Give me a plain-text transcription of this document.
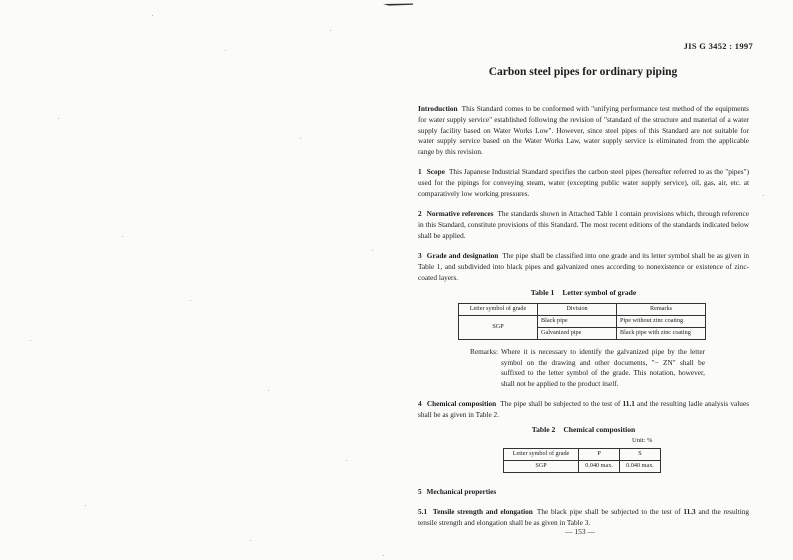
JIS G 3452 : 1997
Carbon steel pipes for ordinary piping

Introduction This Standard comes to be conformed with "unifying performance test method of the equipments for water supply service" established following the revision of "standard of the structure and material of a water supply facility based on Water Works Low". However, since steel pipes of this Standard are not suitable for water supply service based on the Water Works Law, water supply service is eliminated from the applicable range by this revision.

1 Scope This Japanese Industrial Standard specifies the carbon steel pipes (hereafter referred to as the "pipes") used for the pipings for conveying steam, water (excepting public water supply service), oil, gas, air, etc. at comparatively low working pressures.

2 Normative references The standards shown in Attached Table 1 contain provisions which, through reference in this Standard, constitute provisions of this Standard. The most recent editions of the standards indicated below shall be applied.

3 Grade and designation The pipe shall be classified into one grade and its letter symbol shall be as given in Table 1, and subdivided into black pipes and galvanized ones according to nonexistence or existence of zinc-coated layers.

Table 1 Letter symbol of grade
Letter symbol of grade	Division	Remarks
SGP	Black pipe	Pipe without zinc coating
	Galvanized pipe	Black pipe with zinc coating
Remarks: Where it is necessary to identify the galvanized pipe by the letter symbol on the drawing and other documents, "− ZN" shall be suffixed to the letter symbol of the grade. This notation, however, shall not be applied to the product itself.

4 Chemical composition The pipe shall be subjected to the test of 11.1 and the resulting ladle analysis values shall be as given in Table 2.

Table 2 Chemical composition
Unit: %
Letter symbol of grade	P	S
SGP	0.040 max.	0.040 max.

5 Mechanical properties

5.1 Tensile strength and elongation The black pipe shall be subjected to the test of 11.3 and the resulting tensile strength and elongation shall be as given in Table 3.

— 153 —
